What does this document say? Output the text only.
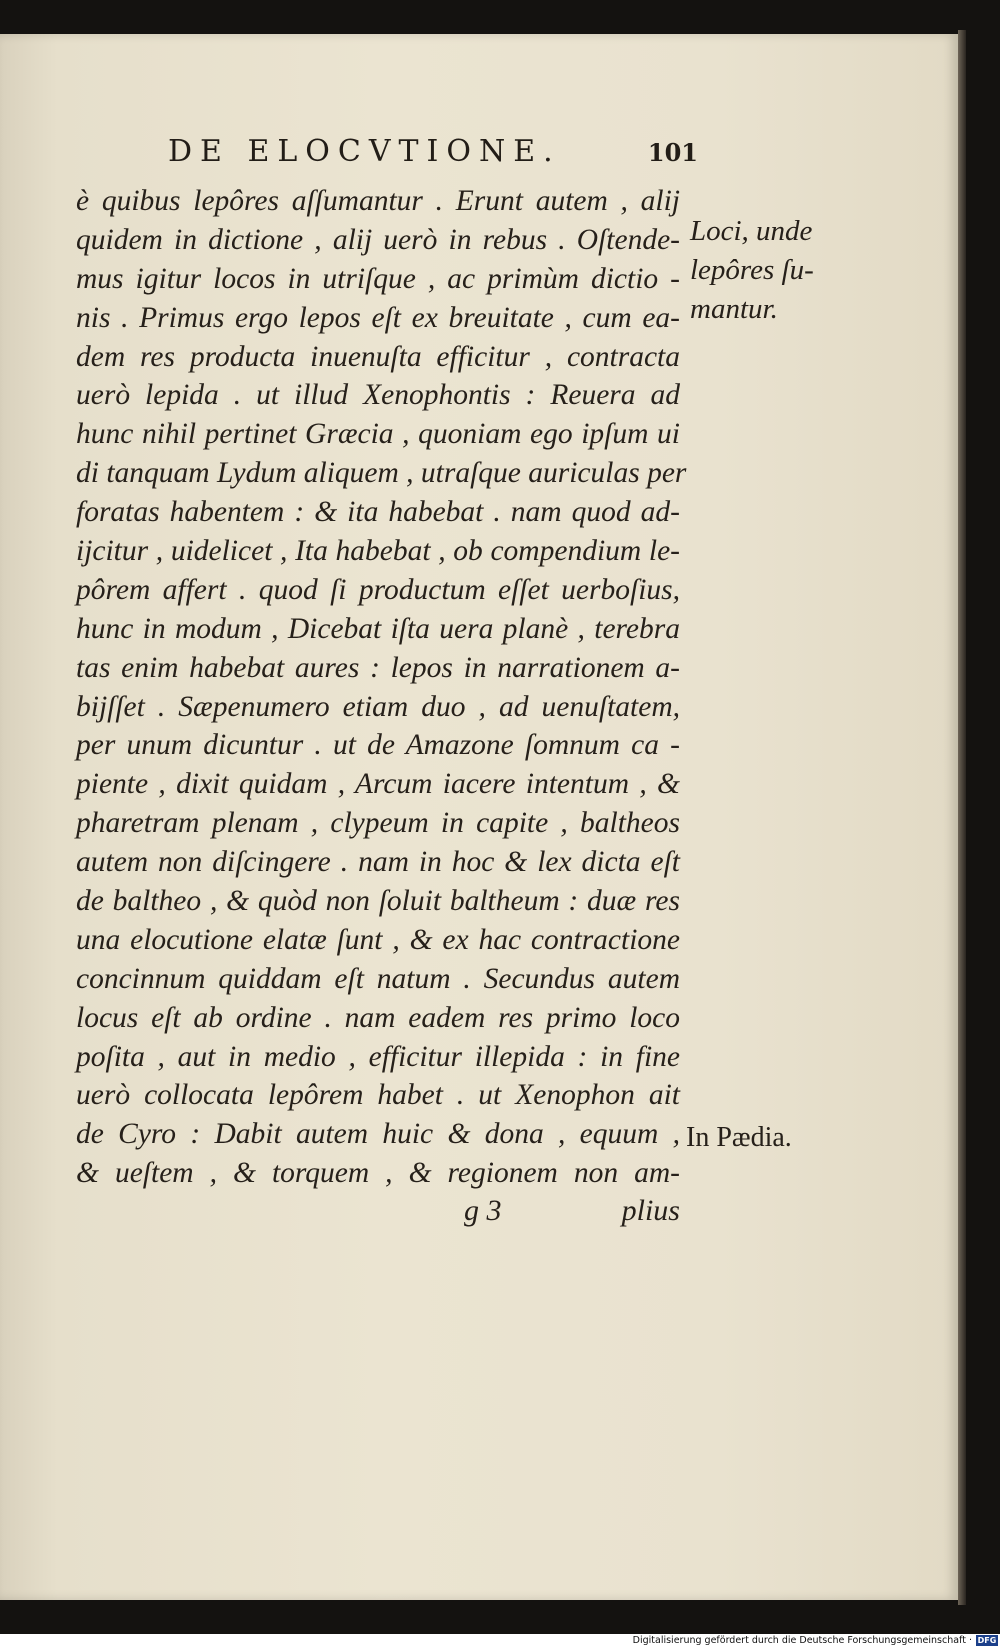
DE ELOCVTIONE.	101
è quibus lepôres aſſumantur . Erunt autem , alij
quidem in dictione , alij uerò in rebus . Oſtende-
mus igitur locos in utriſque , ac primùm dictio -
nis . Primus ergo lepos eſt ex breuitate , cum ea-
dem res producta inuenuſta efficitur , contracta
uerò lepida . ut illud Xenophontis : Reuera ad
hunc nihil pertinet Græcia , quoniam ego ipſum ui
di tanquam Lydum aliquem , utraſque auriculas per
foratas habentem : & ita habebat . nam quod ad-
ijcitur , uidelicet , Ita habebat , ob compendium le-
pôrem affert . quod ſi productum eſſet uerboſius,
hunc in modum , Dicebat iſta uera planè , terebra
tas enim habebat aures : lepos in narrationem a-
bijſſet . Sæpenumero etiam duo , ad uenuſtatem,
per unum dicuntur . ut de Amazone ſomnum ca -
piente , dixit quidam , Arcum iacere intentum , &
pharetram plenam , clypeum in capite , baltheos
autem non diſcingere . nam in hoc & lex dicta eſt
de baltheo , & quòd non ſoluit baltheum : duæ res
una elocutione elatæ ſunt , & ex hac contractione
concinnum quiddam eſt natum . Secundus autem
locus eſt ab ordine . nam eadem res primo loco
poſita , aut in medio , efficitur illepida : in fine
uerò collocata lepôrem habet . ut Xenophon ait
de Cyro : Dabit autem huic & dona , equum ,
& ueſtem , & torquem , & regionem non am-
Loci, unde
lepôres ſu-
mantur.
In Pædia.
g 3	plius
Digitalisierung gefördert durch die Deutsche Forschungsgemeinschaft · DFG
